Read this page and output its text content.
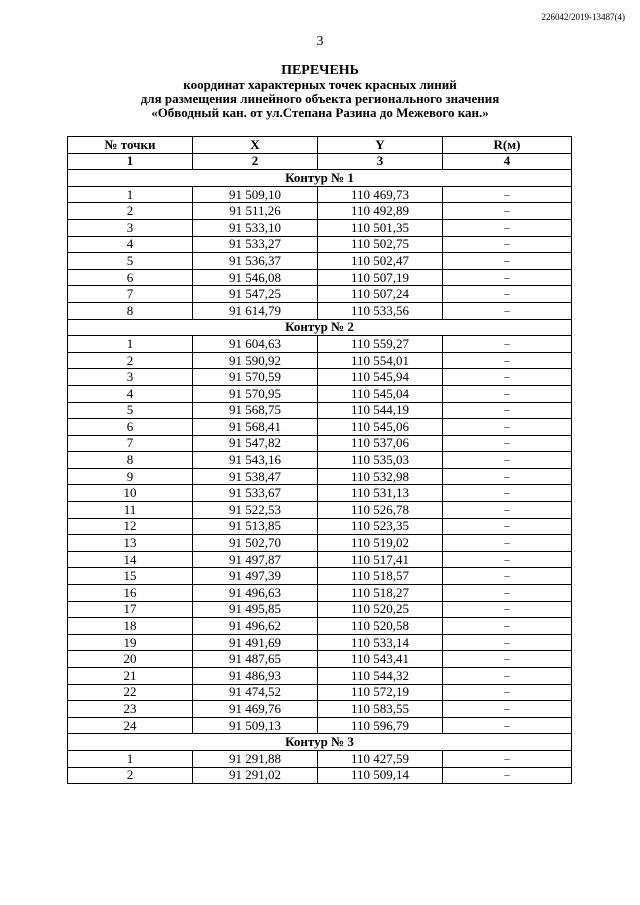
226042/2019-13487(4)
3
ПЕРЕЧЕНЬ
координат характерных точек красных линий
для размещения линейного объекта регионального значения
«Обводный кан. от ул.Степана Разина до Межевого кан.»
№ точки	X	Y	R(м)
1	2	3	4
Контур № 1			
1	91 509,10	110 469,73	–
2	91 511,26	110 492,89	–
3	91 533,10	110 501,35	–
4	91 533,27	110 502,75	–
5	91 536,37	110 502,47	–
6	91 546,08	110 507,19	–
7	91 547,25	110 507,24	–
8	91 614,79	110 533,56	–
Контур № 2			
1	91 604,63	110 559,27	–
2	91 590,92	110 554,01	–
3	91 570,59	110 545,94	–
4	91 570,95	110 545,04	–
5	91 568,75	110 544,19	–
6	91 568,41	110 545,06	–
7	91 547,82	110 537,06	–
8	91 543,16	110 535,03	–
9	91 538,47	110 532,98	–
10	91 533,67	110 531,13	–
11	91 522,53	110 526,78	–
12	91 513,85	110 523,35	–
13	91 502,70	110 519,02	–
14	91 497,87	110 517,41	–
15	91 497,39	110 518,57	–
16	91 496,63	110 518,27	–
17	91 495,85	110 520,25	–
18	91 496,62	110 520,58	–
19	91 491,69	110 533,14	–
20	91 487,65	110 543,41	–
21	91 486,93	110 544,32	–
22	91 474,52	110 572,19	–
23	91 469,76	110 583,55	–
24	91 509,13	110 596,79	–
Контур № 3			
1	91 291,88	110 427,59	–
2	91 291,02	110 509,14	–
